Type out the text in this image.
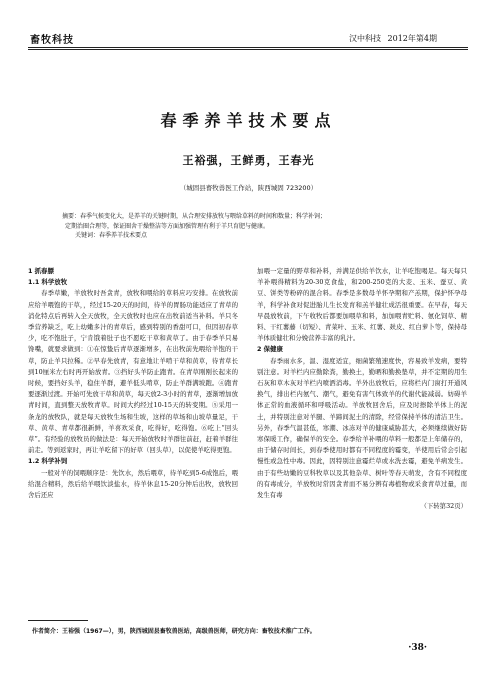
畜牧科技	汉中科技 2012年第4期
春季养羊技术要点
王裕强，王鲜勇，王春光
（城固县畜牧兽医工作站，陕西城固 723200）

摘要：春季气候变化大，是养羊的关键时期，从合理安排放牧与喂给草料的时间和数量；科学补饲；

定期治圈合理等，保证圈舍干燥整洁等方面加强管理有利于羊只育肥与健康。

关键词：春季养羊技术要点

1 抓春膘

1.1 科学放牧

春季草嫩，羊放牧时吾贪青，放牧和喂给的草料应巧安排。在放牧前应给羊喂饱的干草，，经过15-20天的时间，待羊的胃肠功能适应了青草的消化特点后再转入全天放牧，全天放牧时也应在出牧前适当补料。羊只冬季营养缺乏，吃上幼嫩多汁的青草后，感到特别的香甜可口，但因初春草少，吃不饱肚子，宁肯饿着肚子也不愿吃干草和黄草了。由于春季羊只易馋嘴，就要求做到：①在惊蛰后青草逐渐增多，在出牧前先喂给羊饱的干草，防止羊只拉稀。②早春先放青，有意地让羊啃干草和黄草，待青草长到10厘米左右时再开始放青。③挡好头羊防止跑青。在青草刚刚长起来的时候，要挡好头羊，稳住羊群，避羊低头啃草，防止羊群满坡跑。④跑青要逐渐过渡。开始可先放干草和黄草，每天放2-3小时的青草，逐渐增加放青时间，直到整天放牧青草。时间大约经过10-15天的转变期。⑤采用一条龙的放牧队，就是每天放牧生场和生坡，这样的草场和山坡草量足，干草、黄草、青草都很新鲜，羊喜欢采食，吃得好，吃得饱。⑥吃上“回头草”。有经验的放牧员的做法是：每天开始放牧时羊群往前赶，赶着羊群往前走。等到返家时，再让羊吃留下的好草（回头草），以促使羊吃得更饱。

1.2 科学补饲

一般对羊的饲喂顺序是：先饮水，然后喂草，待羊吃到5-6成饱后，喂给混合精料，然后给羊喂饮淡盐水，待羊休息15-20分钟后出牧，放牧回舍后还应

加喂一定量的野草和补料，并满足供给羊饮水，让羊吃饱喝足。每天每只羊补喂得精料为20-30克食盐，和200-250克的大麦、玉米、蚕豆、黄豆、饼类等粉碎的混合料。春季是多数母羊怀孕期和产羔期，保护怀孕母羊，科学补食对促进胎儿生长发育和羔羊健壮成活很重要。在早春，每天早晨放牧前，下午收牧后都要加喂草和料，加加喂青贮料、氨化饲草、精料、干红薯藤（切短）、青菜叶、玉米、红薯、麸皮、红白萝卜等，保持母羊体质健壮和分娩营养丰富的乳汁。

2 保健康

春季雨水多，温、湿度适宜，细菌繁殖速度快，容易致羊发病，要特别注意。对羊栏内应勤除粪，勤换土，勤晒和勤换垫草，并不定期的用生石灰和草木灰对羊栏内喷洒消毒。羊外出放牧后，应将栏内门窗打开通风换气，排出栏内氨气、潮气，避免有害气体致羊的代谢代能减弱。妨碍羊体正常的血液循环和呼吸活动。羊放牧回舍后，应及时擦除羊体上的泥土，并特别注意对羊腿、羊蹄间泥土的清除，经常保持羊体的清洁卫生。另外，春季气温甚低，寒潮、冰冻对羊的健康威胁甚大，必须继续做好防寒保暖工作，确保羊的安全。春季给羊补喂的草料一般都是上年储存的，由于储存时间长，到春季使用时都有不同程度的霉变，羊使用后常会引起慢性或急性中毒。因此，因特别注意霉烂草或水洗去霉，避免羊病发生。由于有些幼嫩的豆科牧草以及其他杂草、树叶等春天萌发，含有不同程度的有毒成分，羊放牧时常因贪青而不易分辨有毒植物或采食青草过量，而发生有毒

（下转第32页）

作者简介：王裕强（1967—），男，陕西城固县畜牧兽医站，高级兽医师，研究方向：畜牧技术推广工作。
·38·
